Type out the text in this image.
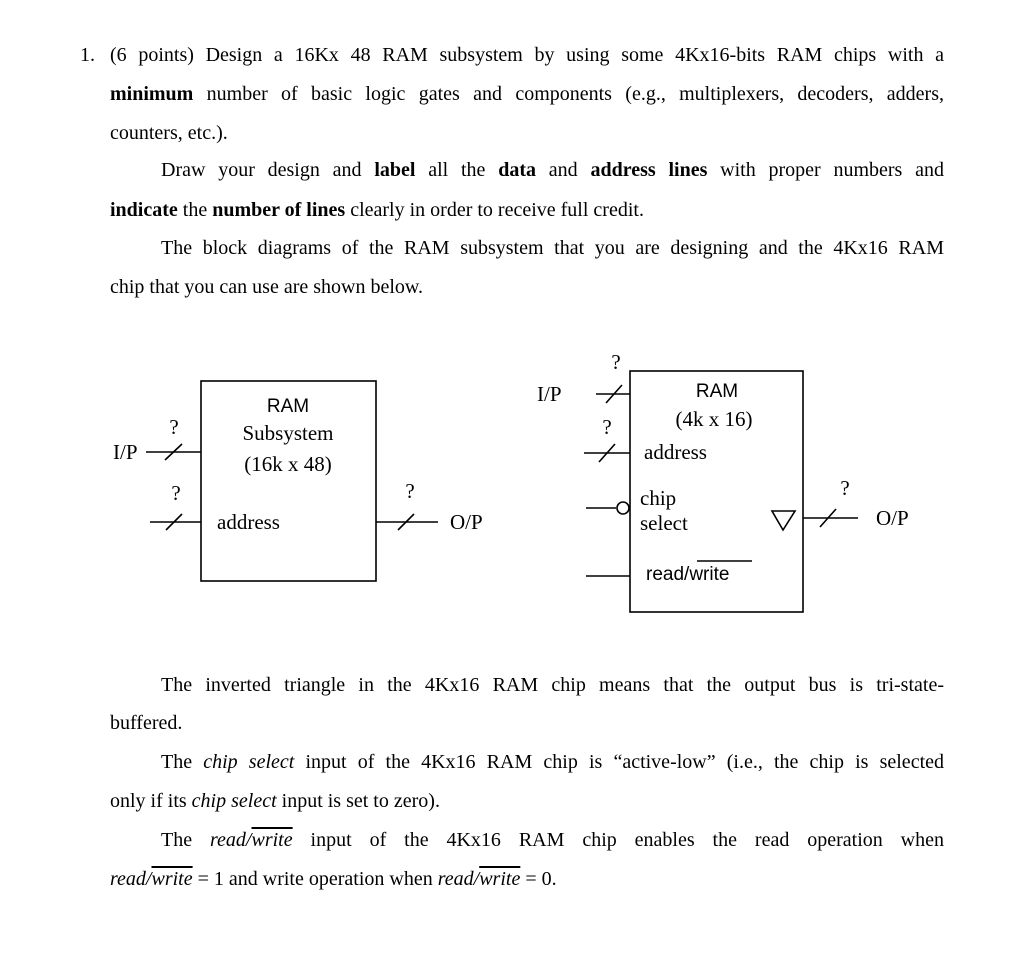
1. (6 points) Design a 16Kx 48 RAM subsystem by using some 4Kx16-bits RAM chips with a
minimum number of basic logic gates and components (e.g., multiplexers, decoders, adders,
counters, etc.).
Draw your design and label all the data and address lines with proper numbers and
indicate the number of lines clearly in order to receive full credit.
The block diagrams of the RAM subsystem that you are designing and the 4Kx16 RAM
chip that you can use are shown below.
RAM
Subsystem
(16k x 48)
address
I/P
?
?	?
O/P
?
I/P	RAM
(4k x 16)
?
address
chip
select
read/write
?
O/P
The inverted triangle in the 4Kx16 RAM chip means that the output bus is tri-state-
buffered.
The chip select input of the 4Kx16 RAM chip is “active-low” (i.e., the chip is selected
only if its chip select input is set to zero).
The read/write input of the 4Kx16 RAM chip enables the read operation when
read/write = 1 and write operation when read/write = 0.
